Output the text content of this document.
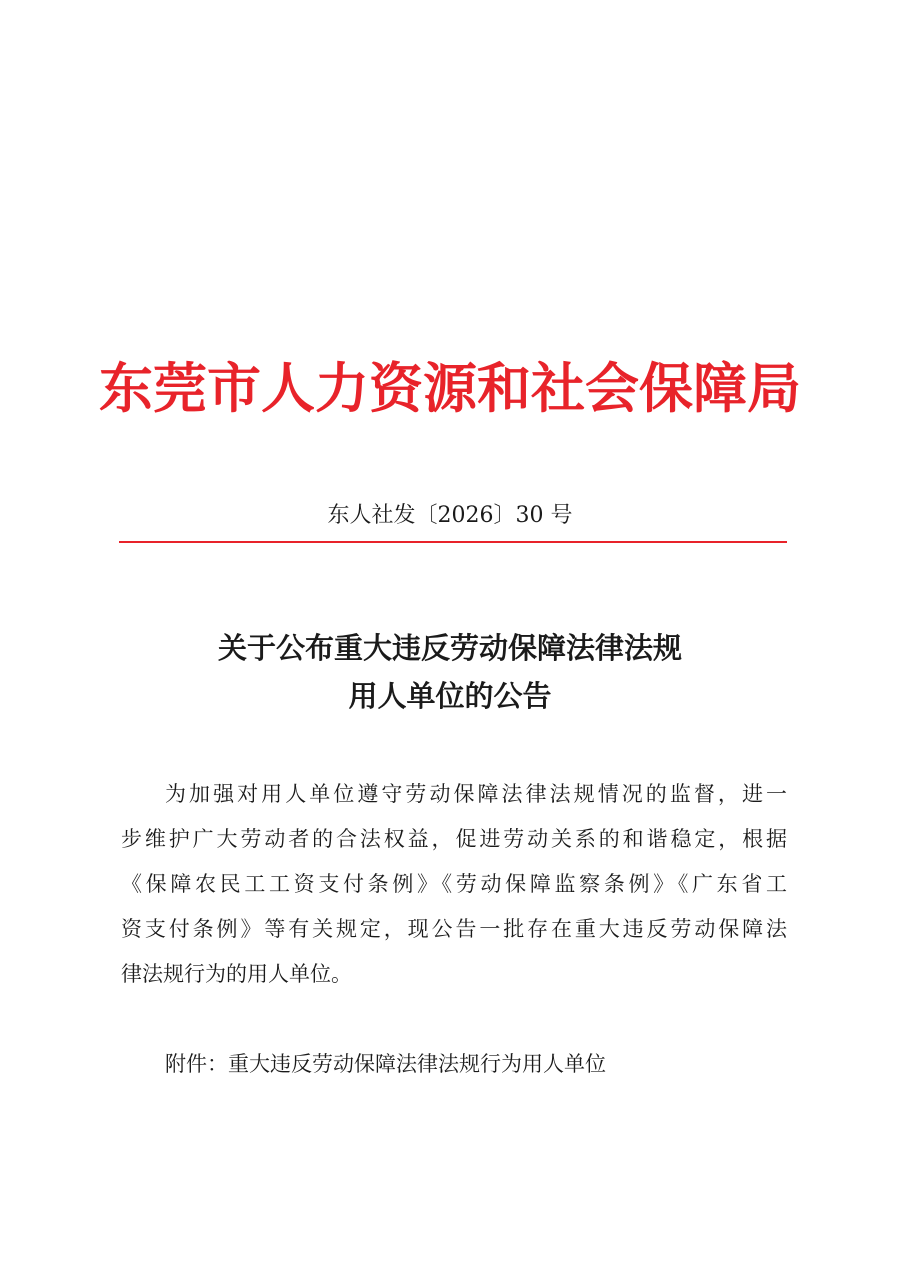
东莞市人力资源和社会保障局
东人社发〔2026〕30 号
关于公布重大违反劳动保障法律法规
用人单位的公告
为加强对用人单位遵守劳动保障法律法规情况的监督，进一
步维护广大劳动者的合法权益，促进劳动关系的和谐稳定，根据
《保障农民工工资支付条例》《劳动保障监察条例》《广东省工
资支付条例》等有关规定，现公告一批存在重大违反劳动保障法
律法规行为的用人单位。
附件：重大违反劳动保障法律法规行为用人单位
